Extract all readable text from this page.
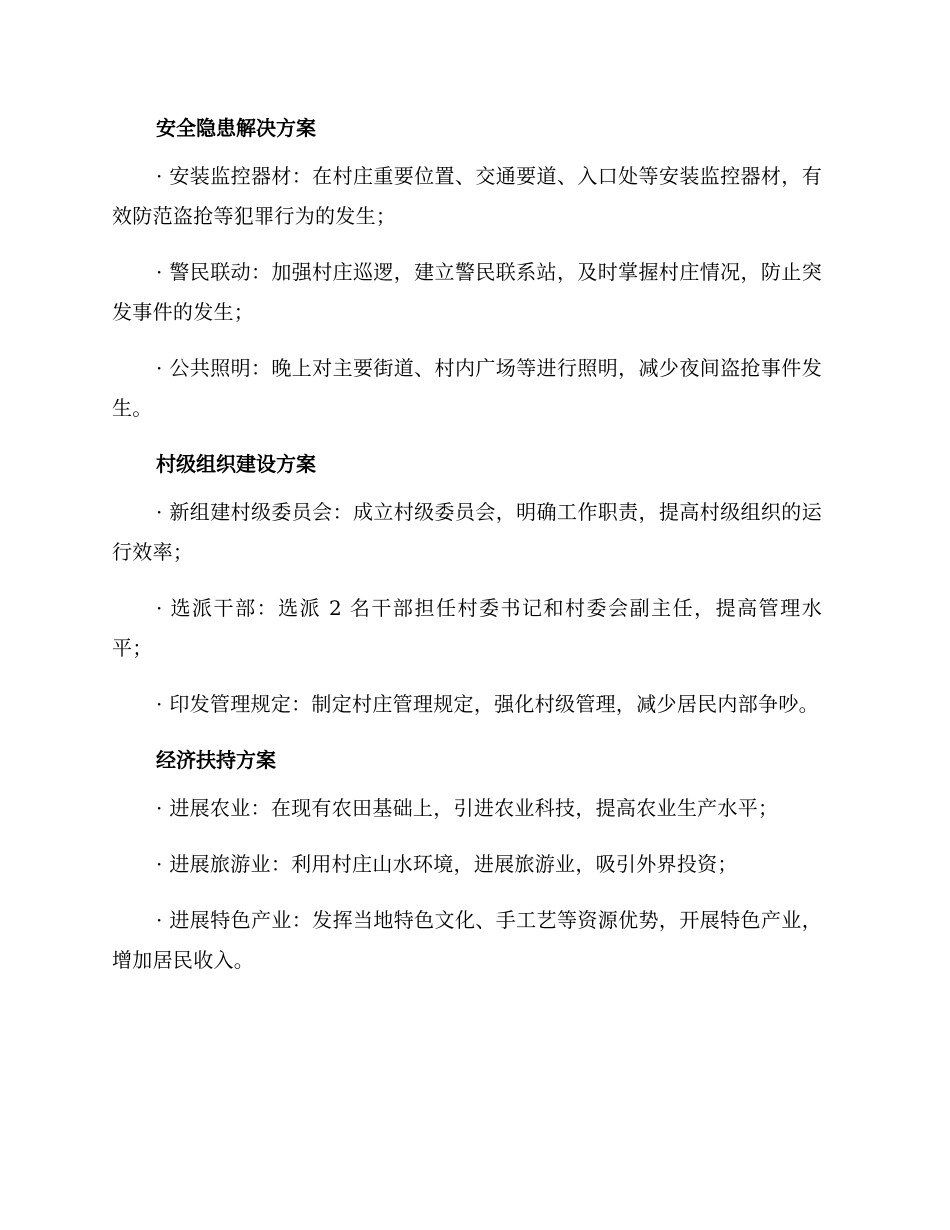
安全隐患解决方案

· 安装监控器材：在村庄重要位置、交通要道、入口处等安装监控器材，有效防范盗抢等犯罪行为的发生；

· 警民联动：加强村庄巡逻，建立警民联系站，及时掌握村庄情况，防止突发事件的发生；

· 公共照明：晚上对主要街道、村内广场等进行照明，减少夜间盗抢事件发生。

村级组织建设方案

· 新组建村级委员会：成立村级委员会，明确工作职责，提高村级组织的运行效率；

· 选派干部：选派 2 名干部担任村委书记和村委会副主任，提高管理水平；

· 印发管理规定：制定村庄管理规定，强化村级管理，减少居民内部争吵。

经济扶持方案

· 进展农业：在现有农田基础上，引进农业科技，提高农业生产水平；

· 进展旅游业：利用村庄山水环境，进展旅游业，吸引外界投资；

· 进展特色产业：发挥当地特色文化、手工艺等资源优势，开展特色产业，增加居民收入。
